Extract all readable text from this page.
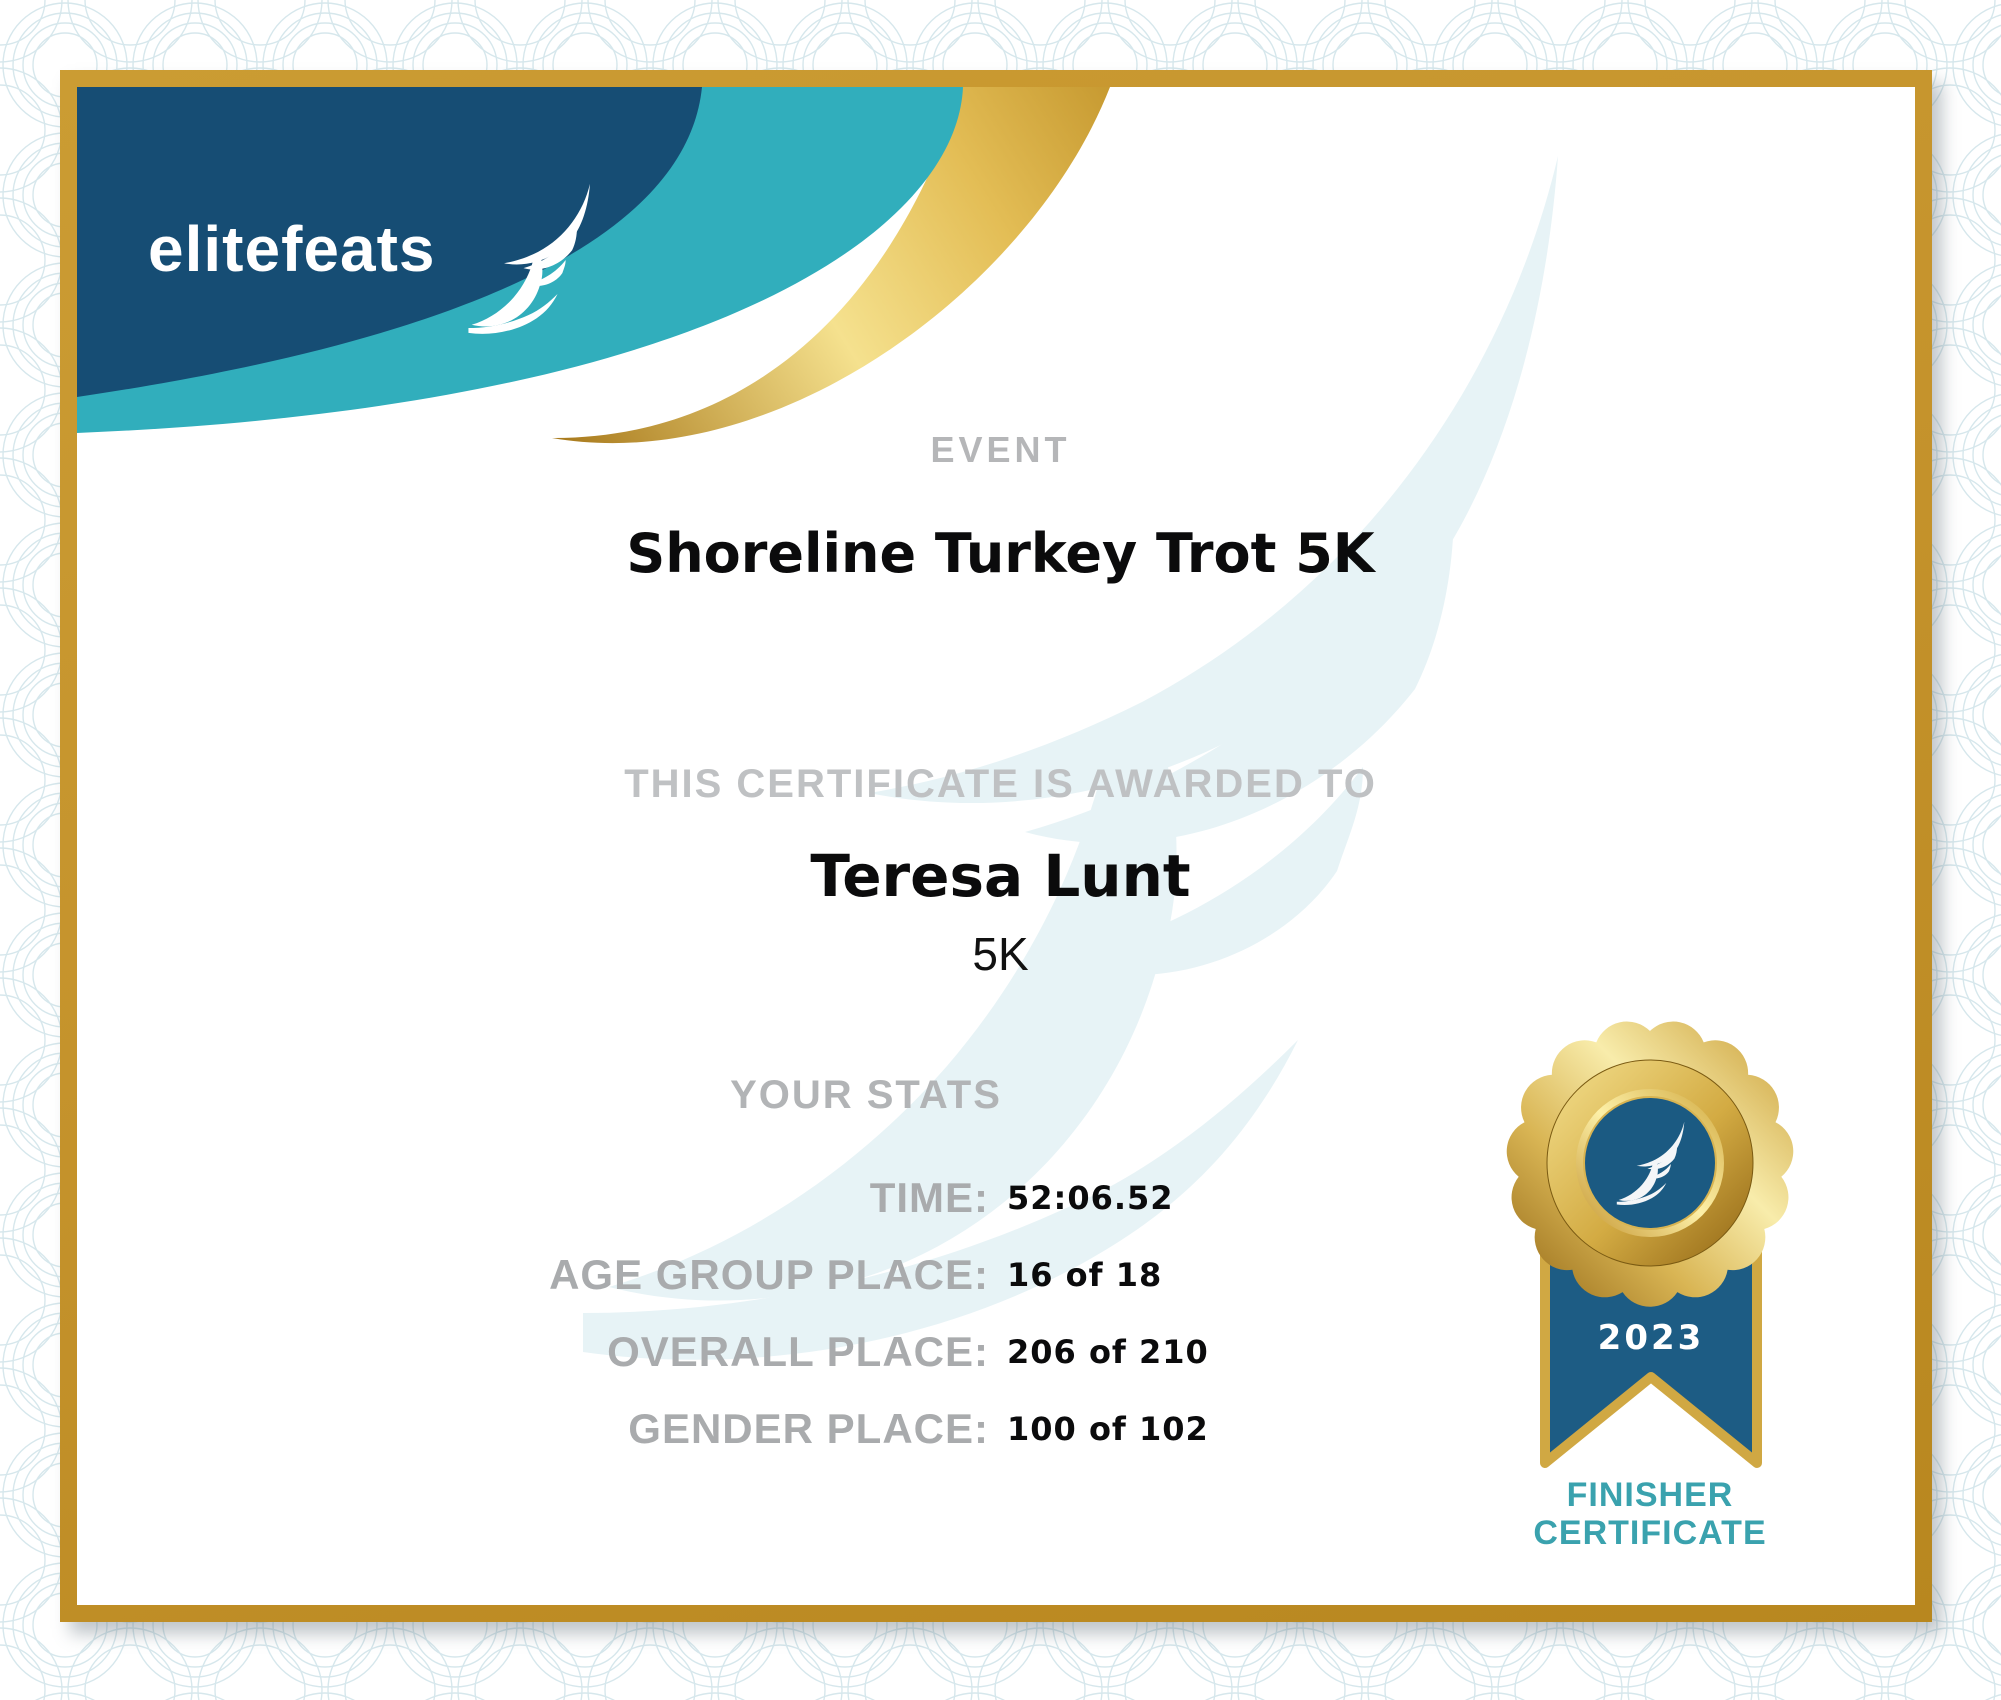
elitefeats
EVENT
Shoreline Turkey Trot 5K
THIS CERTIFICATE IS AWARDED TO
Teresa Lunt
5K
YOUR STATS
TIME: 52:06.52
AGE GROUP PLACE: 16 of 18
OVERALL PLACE: 206 of 210
GENDER PLACE: 100 of 102
2023
FINISHER
CERTIFICATE
